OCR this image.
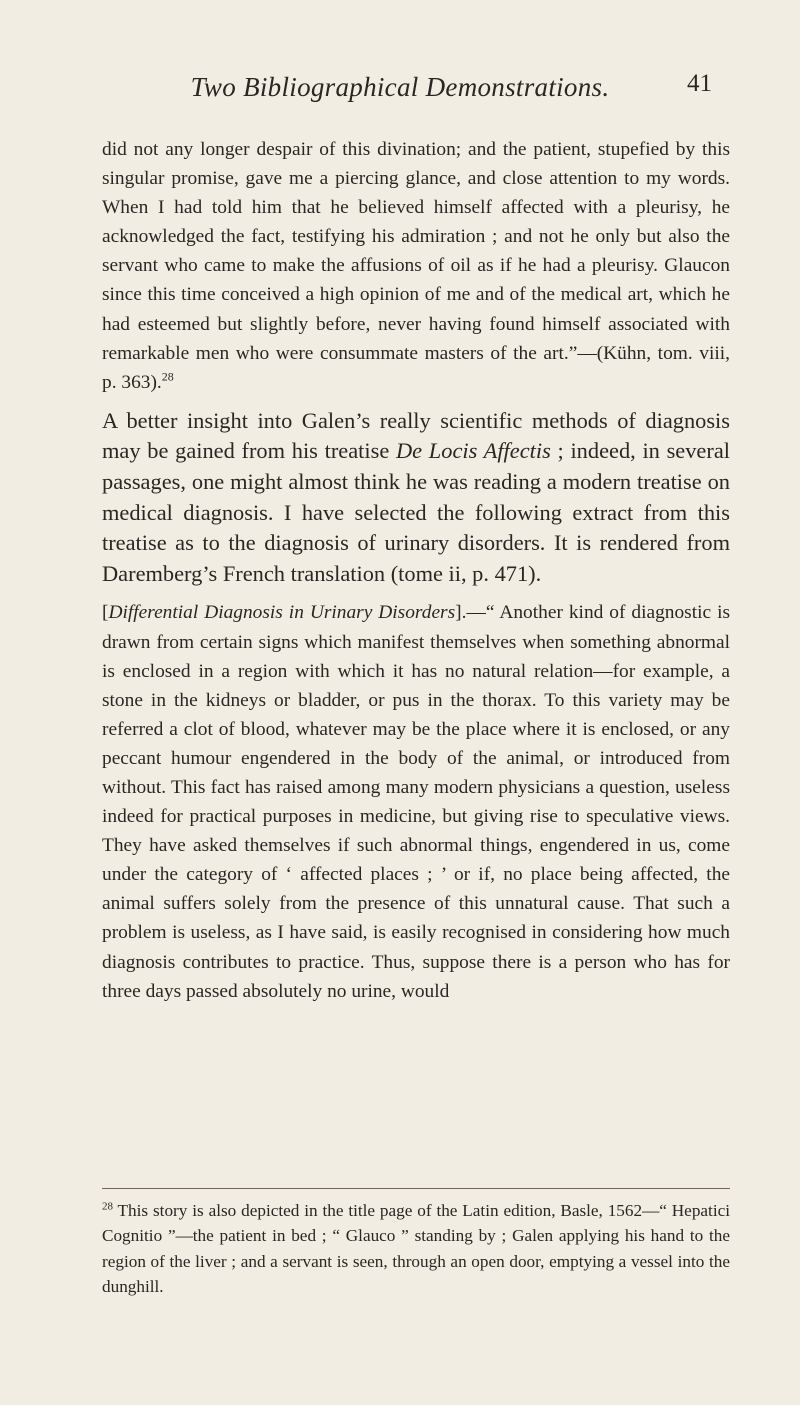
Two Bibliographical Demonstrations.	41

did not any longer despair of this divination; and the patient, stupefied by this singular promise, gave me a piercing glance, and close attention to my words. When I had told him that he believed himself affected with a pleurisy, he acknowledged the fact, testifying his admiration ; and not he only but also the servant who came to make the affusions of oil as if he had a pleurisy. Glaucon since this time conceived a high opinion of me and of the medical art, which he had esteemed but slightly before, never having found himself associated with remarkable men who were consummate masters of the art.”—(Kühn, tom. viii, p. 363).$^{28}$

A better insight into Galen’s really scientific methods of diagnosis may be gained from his treatise De Locis Affectis ; indeed, in several passages, one might almost think he was reading a modern treatise on medical diagnosis. I have selected the following extract from this treatise as to the diagnosis of urinary disorders. It is rendered from Daremberg’s French translation (tome ii, p. 471).

[Differential Diagnosis in Urinary Disorders].—“ Another kind of diagnostic is drawn from certain signs which manifest themselves when something abnormal is enclosed in a region with which it has no natural relation—for example, a stone in the kidneys or bladder, or pus in the thorax. To this variety may be referred a clot of blood, whatever may be the place where it is enclosed, or any peccant humour engendered in the body of the animal, or introduced from without. This fact has raised among many modern physicians a question, useless indeed for practical purposes in medicine, but giving rise to speculative views. They have asked themselves if such abnormal things, engendered in us, come under the category of ‘ affected places ; ’ or if, no place being affected, the animal suffers solely from the presence of this unnatural cause. That such a problem is useless, as I have said, is easily recognised in considering how much diagnosis contributes to practice. Thus, suppose there is a person who has for three days passed absolutely no urine, would

$^{28}$ This story is also depicted in the title page of the Latin edition, Basle, 1562—“ Hepatici Cognitio ”—the patient in bed ; “ Glauco ” standing by ; Galen applying his hand to the region of the liver ; and a servant is seen, through an open door, emptying a vessel into the dunghill.
